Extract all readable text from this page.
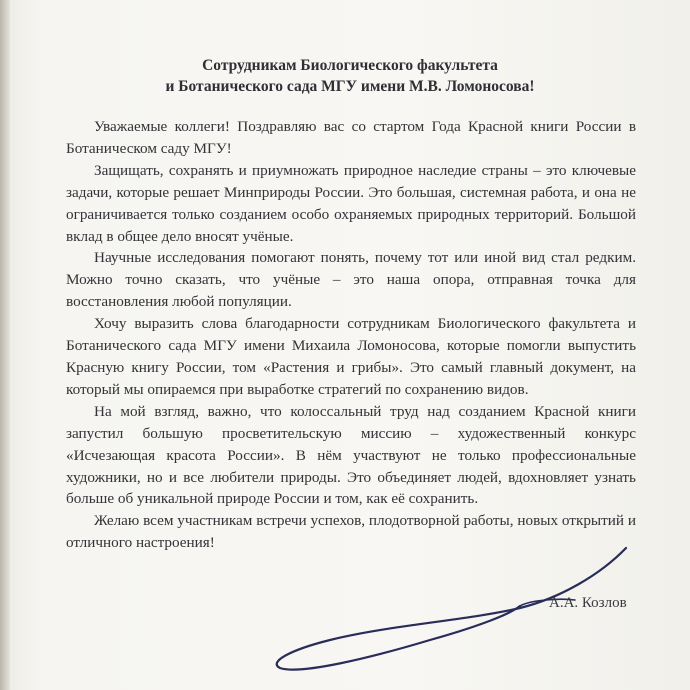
Сотрудникам Биологического факультета
и Ботанического сада МГУ имени М.В. Ломоносова!

Уважаемые коллеги! Поздравляю вас со стартом Года Красной книги России в Ботаническом саду МГУ!

Защищать, сохранять и приумножать природное наследие страны – это ключевые задачи, которые решает Минприроды России. Это большая, системная работа, и она не ограничивается только созданием особо охраняемых природных территорий. Большой вклад в общее дело вносят учёные.

Научные исследования помогают понять, почему тот или иной вид стал редким. Можно точно сказать, что учёные – это наша опора, отправная точка для восстановления любой популяции.

Хочу выразить слова благодарности сотрудникам Биологического факультета и Ботанического сада МГУ имени Михаила Ломоносова, которые помогли выпустить Красную книгу России, том «Растения и грибы». Это самый главный документ, на который мы опираемся при выработке стратегий по сохранению видов.

На мой взгляд, важно, что колоссальный труд над созданием Красной книги запустил большую просветительскую миссию – художественный конкурс «Исчезающая красота России». В нём участвуют не только профессиональные художники, но и все любители природы. Это объединяет людей, вдохновляет узнать больше об уникальной природе России и том, как её сохранить.

Желаю всем участникам встречи успехов, плодотворной работы, новых открытий и отличного настроения!

А.А. Козлов
